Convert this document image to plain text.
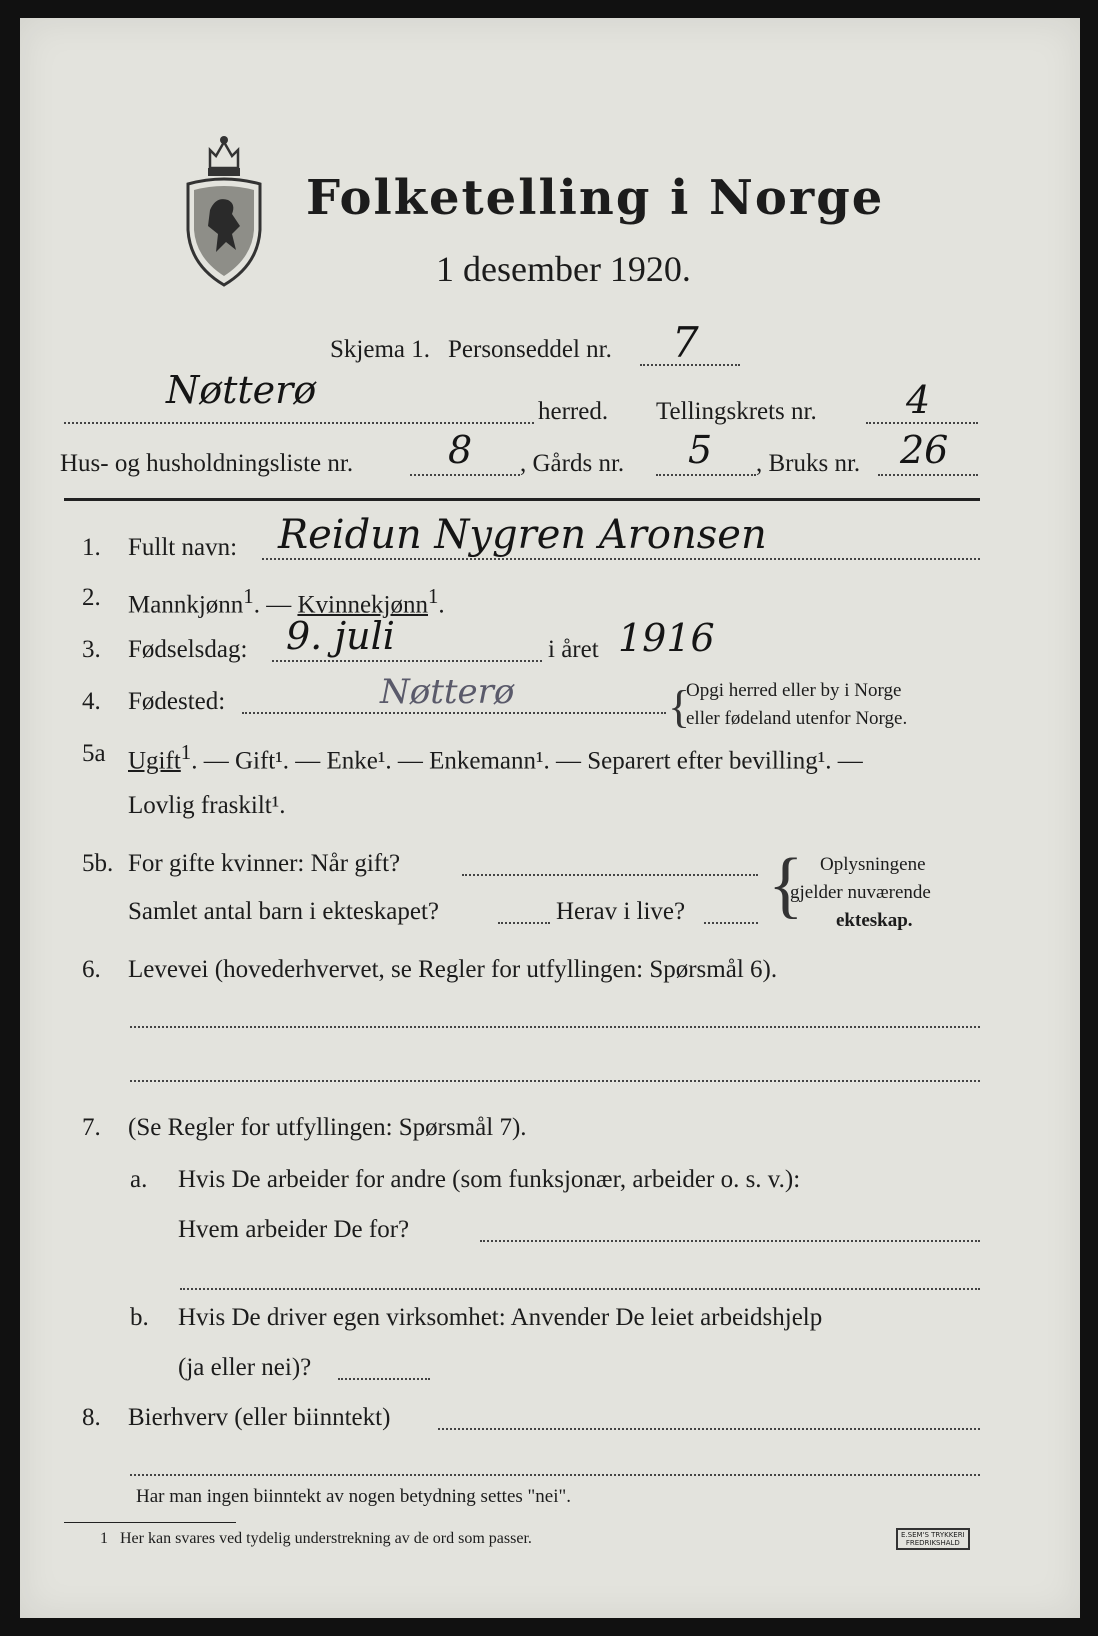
Folketelling i Norge
1 desember 1920.
Skjema 1. Personseddel nr. 7
Nøtterø	herred. Tellingskrets nr. 4
Hus- og husholdningsliste nr. 8 , Gårds nr. 5 , Bruks nr. 26
1. Fullt navn: Reidun Nygren Aronsen
2. Mannkjønn$^1$. — Kvinnekjønn$^1$.
3. Fødselsdag: 9. juli	i året 1916
4. Fødested:	Nøtterø	{
Opgi herred eller by i Norge
eller fødeland utenfor Norge.
5a Ugift$^1$. — Gift¹. — Enke¹. — Enkemann¹. — Separert efter bevilling¹. —
Lovlig fraskilt¹.
5b. For gifte kvinner: Når gift?
Samlet antal barn i ekteskapet?	Herav i live? { Oplysningene
gjelder nuværende
ekteskap.
6. Levevei (hovederhvervet, se Regler for utfyllingen: Spørsmål 6).
7. (Se Regler for utfyllingen: Spørsmål 7).
a. Hvis De arbeider for andre (som funksjonær, arbeider o. s. v.):
Hvem arbeider De for?
b. Hvis De driver egen virksomhet: Anvender De leiet arbeidshjelp
(ja eller nei)?
8. Bierhverv (eller biinntekt)
Har man ingen biinntekt av nogen betydning settes "nei".
1 Her kan svares ved tydelig understrekning av de ord som passer.	E.SEM'S TRYKKERI
FREDRIKSHALD
